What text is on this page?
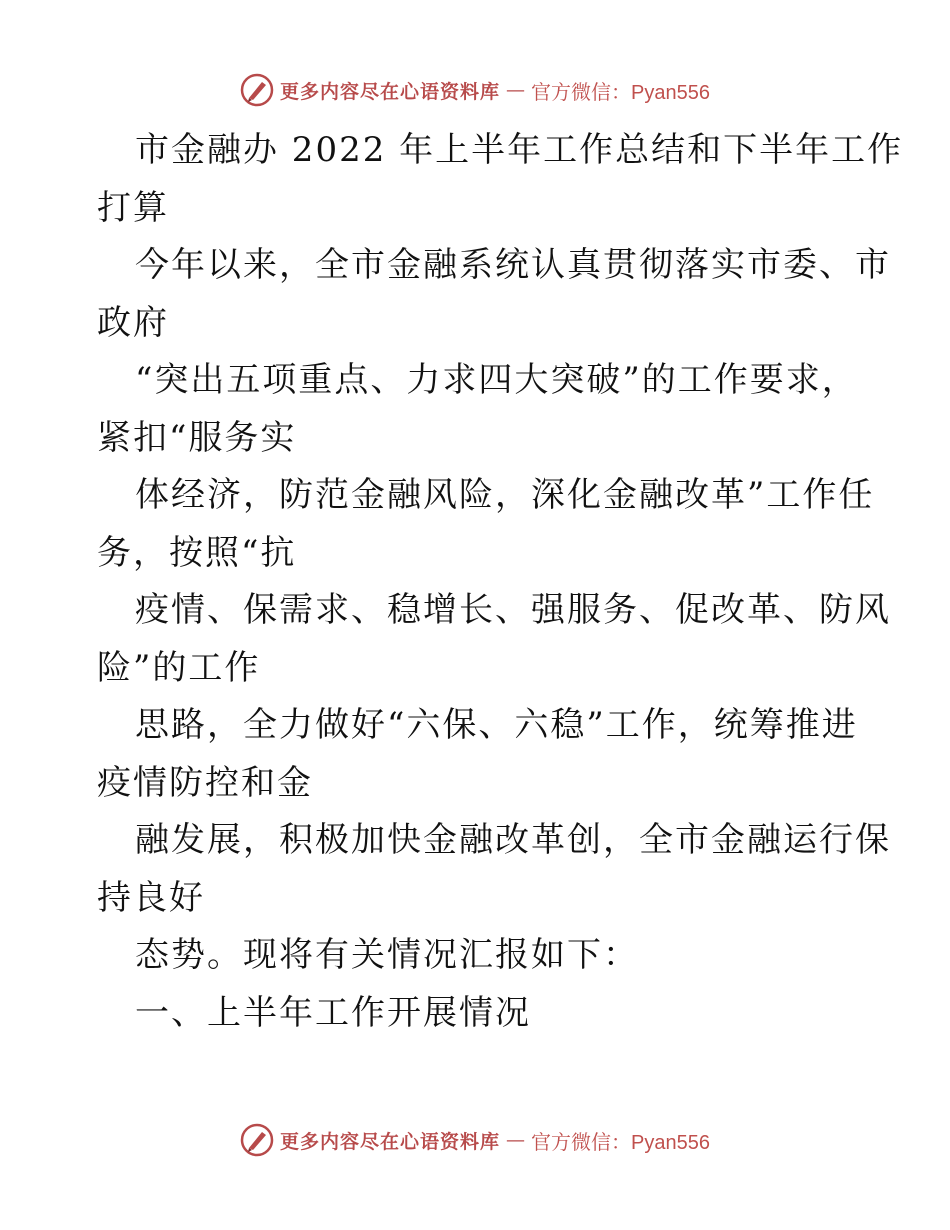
更多内容尽在心语资料库 — 官方微信：Pyan556
市金融办 2022 年上半年工作总结和下半年工作
打算
今年以来，全市金融系统认真贯彻落实市委、市
政府
“突出五项重点、力求四大突破”的工作要求，
紧扣“服务实
体经济，防范金融风险，深化金融改革”工作任
务，按照“抗
疫情、保需求、稳增长、强服务、促改革、防风
险”的工作
思路，全力做好“六保、六稳”工作，统筹推进
疫情防控和金
融发展，积极加快金融改革创，全市金融运行保
持良好
态势。现将有关情况汇报如下：
一、上半年工作开展情况
更多内容尽在心语资料库 — 官方微信：Pyan556
